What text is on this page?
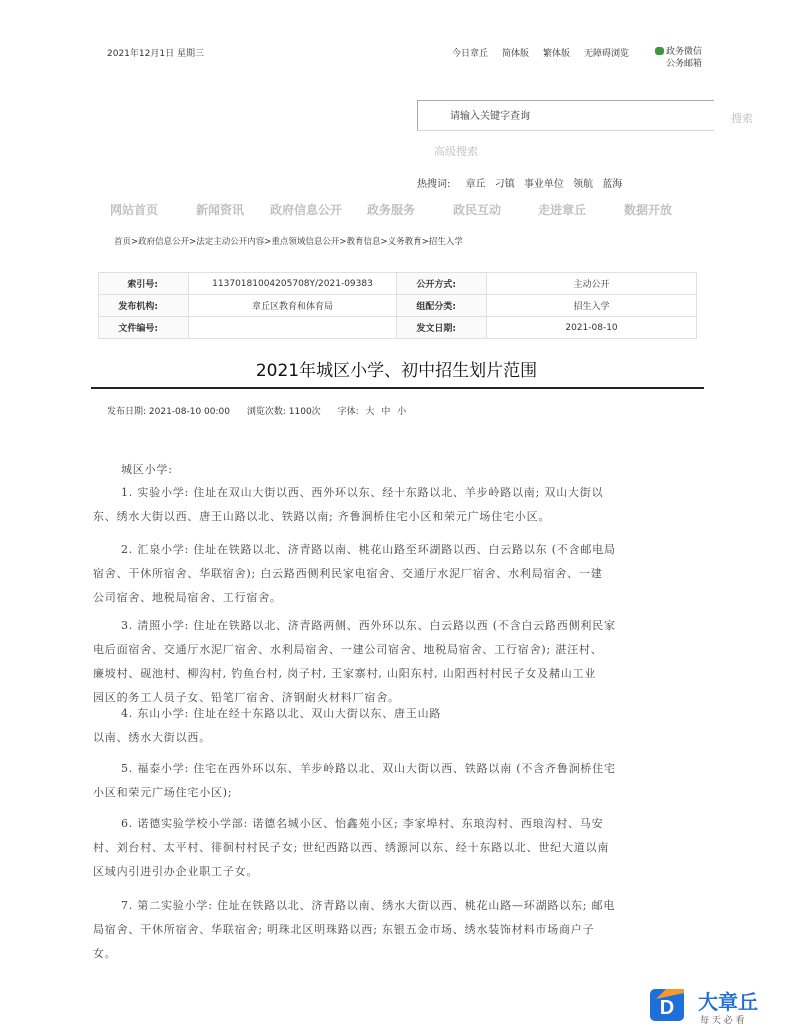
2021年12月1日 星期三	今日章丘 简体版 繁体版 无障碍浏览	政务微信
公务邮箱
请输入关键字查询
搜索
高级搜索
热搜词: 章丘 刁镇 事业单位 领航 蓝海
网站首页	新闻资讯 政府信息公开 政务服务	政民互动	走进章丘	数据开放
首页>政府信息公开>法定主动公开内容>重点领域信息公开>教育信息>义务教育>招生入学
索引号:	11370181004205708Y/2021-09383	公开方式:	主动公开
发布机构:	章丘区教育和体育局	组配分类:	招生入学
文件编号:		发文日期:	2021-08-10
2021年城区小学、初中招生划片范围
发布日期: 2021-08-10 00:00 浏览次数: 1100次 字体: 大 中 小
城区小学:
1. 实验小学: 住址在双山大街以西、西外环以东、经十东路以北、羊步岭路以南; 双山大街以
东、绣水大街以西、唐王山路以北、铁路以南; 齐鲁涧桥住宅小区和荣元广场住宅小区。
2. 汇泉小学: 住址在铁路以北、济青路以南、桃花山路至环湖路以西、白云路以东 (不含邮电局
宿舍、干休所宿舍、华联宿舍); 白云路西侧利民家电宿舍、交通厅水泥厂宿舍、水利局宿舍、一建
公司宿舍、地税局宿舍、工行宿舍。
3. 清照小学: 住址在铁路以北、济青路两侧、西外环以东、白云路以西 (不含白云路西侧利民家
电后面宿舍、交通厅水泥厂宿舍、水利局宿舍、一建公司宿舍、地税局宿舍、工行宿舍); 湛汪村、
廉坡村、砚池村、柳沟村, 钓鱼台村, 岗子村, 王家寨村, 山阳东村, 山阳西村村民子女及赭山工业
园区的务工人员子女、铅笔厂宿舍、济钢耐火材料厂宿舍。
4. 东山小学: 住址在经十东路以北、双山大街以东、唐王山路
以南、绣水大街以西。
5. 福泰小学: 住宅在西外环以东、羊步岭路以北、双山大街以西、铁路以南 (不含齐鲁涧桥住宅
小区和荣元广场住宅小区);
6. 诺德实验学校小学部: 诺德名城小区、怡鑫苑小区; 李家埠村、东琅沟村、西琅沟村、马安
村、刘台村、太平村、徘徊村村民子女; 世纪西路以西、绣源河以东、经十东路以北、世纪大道以南
区域内引进引办企业职工子女。
7. 第二实验小学: 住址在铁路以北、济青路以南、绣水大街以西、桃花山路—环湖路以东; 邮电
局宿舍、干休所宿舍、华联宿舍; 明珠北区明珠路以西; 东银五金市场、绣水装饰材料市场商户子
女。
D 大章丘
每 天 必 看
